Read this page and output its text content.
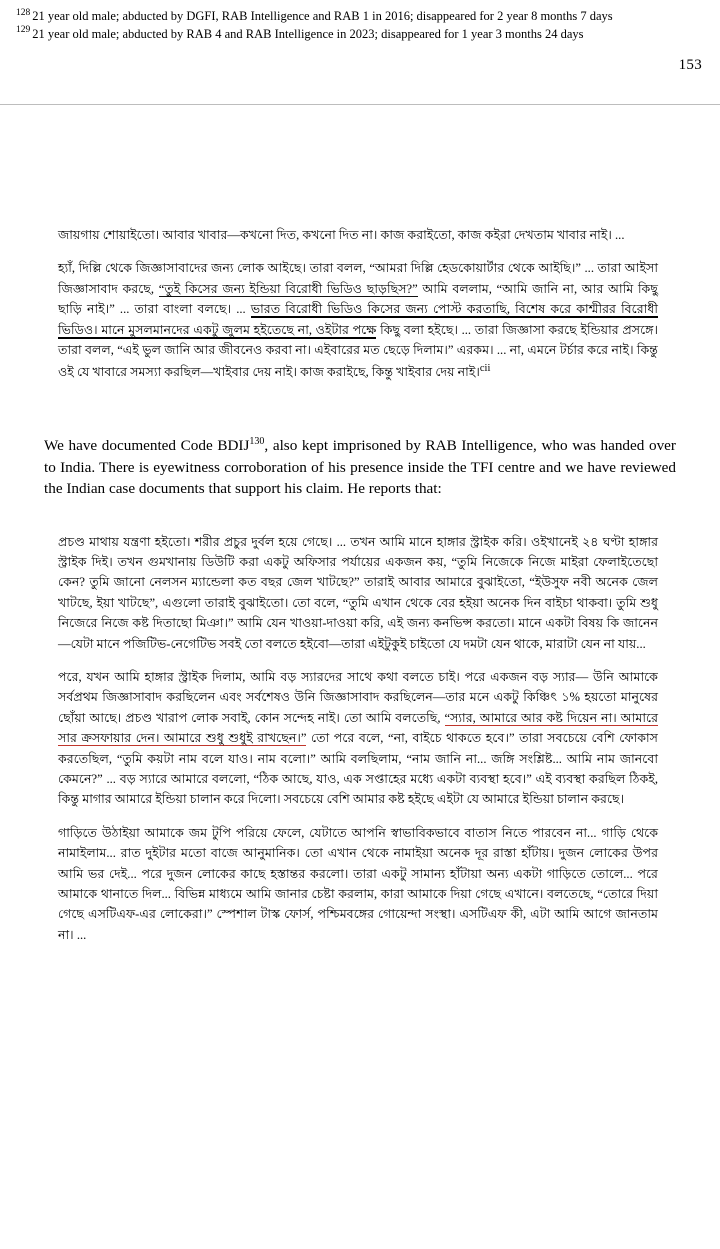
$^{128}$ 21 year old male; abducted by DGFI, RAB Intelligence and RAB 1 in 2016; disappeared for 2 year 8 months 7 days

$^{129}$ 21 year old male; abducted by RAB 4 and RAB Intelligence in 2023; disappeared for 1 year 3 months 24 days

153

জায়গায় শোয়াইতো। আবার খাবার—কখনো দিত, কখনো দিত না। কাজ করাইতো, কাজ কইরা দেখতাম খাবার নাই। ...

হ্যাঁ, দিল্লি থেকে জিজ্ঞাসাবাদের জন্য লোক আইছে। তারা বলল, “আমরা দিল্লি হেডকোয়ার্টার থেকে আইছি।” ... তারা আইসা জিজ্ঞাসাবাদ করছে, “তুই কিসের জন্য ইন্ডিয়া বিরোধী ভিডিও ছাড়ছিস?” আমি বললাম, “আমি জানি না, আর আমি কিছু ছাড়ি নাই।” ... তারা বাংলা বলছে। ... ভারত বিরোধী ভিডিও কিসের জন্য পোস্ট করতাছি, বিশেষ করে কাশ্মীরর বিরোধী ভিডিও। মানে মুসলমানদের একটু জুলম হইতেছে না, ওইটার পক্ষে কিছু বলা হইছে। ... তারা জিজ্ঞাসা করছে ইন্ডিয়ার প্রসঙ্গে। তারা বলল, “এই ভুল জানি আর জীবনেও করবা না। এইবারের মত ছেড়ে দিলাম।” এরকম। ... না, এমনে টর্চার করে নাই। কিন্তু ওই যে খাবারে সমস্যা করছিল—খাইবার দেয় নাই। কাজ করাইছে, কিন্তু খাইবার দেয় নাই।$^{cii}$

We have documented Code BDIJ$^{130}$, also kept imprisoned by RAB Intelligence, who was handed over to India. There is eyewitness corroboration of his presence inside the TFI centre and we have reviewed the Indian case documents that support his claim. He reports that:

প্রচণ্ড মাথায় যন্ত্রণা হইতো। শরীর প্রচুর দুর্বল হয়ে গেছে। ... তখন আমি মানে হাঙ্গার স্ট্রাইক করি। ওইখানেই ২৪ ঘণ্টা হাঙ্গার স্ট্রাইক দিই। তখন গুমখানায় ডিউটি করা একটু অফিসার পর্যায়ের একজন কয়, “তুমি নিজেকে নিজে মাইরা ফেলাইতেছো কেন? তুমি জানো নেলসন ম্যান্ডেলা কত বছর জেল খাটছে?” তারাই আবার আমারে বুঝাইতো, “ইউসুফ নবী অনেক জেল খাটছে, ইয়া খাটছে”, এগুলো তারাই বুঝাইতো। তো বলে, “তুমি এখান থেকে বের হইয়া অনেক দিন বাইচা থাকবা। তুমি শুধু নিজেরে নিজে কষ্ট দিতাছো মিঞা।” আমি যেন খাওয়া-দাওয়া করি, এই জন্য কনভিন্স করতো। মানে একটা বিষয় কি জানেন—যেটা মানে পজিটিভ-নেগেটিভ সবই তো বলতে হইবো—তারা এইটুকুই চাইতো যে দমটা যেন থাকে, মারাটা যেন না যায়...

পরে, যখন আমি হাঙ্গার স্ট্রাইক দিলাম, আমি বড় স্যারদের সাথে কথা বলতে চাই। পরে একজন বড় স্যার— উনি আমাকে সর্বপ্রথম জিজ্ঞাসাবাদ করছিলেন এবং সর্বশেষও উনি জিজ্ঞাসাবাদ করছিলেন—তার মনে একটু কিঞ্চিৎ ১% হয়তো মানুষের ছোঁয়া আছে। প্রচণ্ড খারাপ লোক সবাই, কোন সন্দেহ নাই। তো আমি বলতেছি, “স্যার, আমারে আর কষ্ট দিয়েন না। আমারে সার ক্রসফায়ার দেন। আমারে শুধু শুধুই রাখছেন।” তো পরে বলে, “না, বাইচে থাকতে হবে।” তারা সবচেয়ে বেশি ফোকাস করতেছিল, “তুমি কয়টা নাম বলে যাও। নাম বলো।” আমি বলছিলাম, “নাম জানি না... জঙ্গি সংশ্লিষ্ট... আমি নাম জানবো কেমনে?” ... বড় স্যারে আমারে বললো, “ঠিক আছে, যাও, এক সপ্তাহের মধ্যে একটা ব্যবস্থা হবে।” এই ব্যবস্থা করছিল ঠিকই, কিন্তু মাগার আমারে ইন্ডিয়া চালান করে দিলো। সবচেয়ে বেশি আমার কষ্ট হইছে এইটা যে আমারে ইন্ডিয়া চালান করছে।

গাড়িতে উঠাইয়া আমাকে জম টুপি পরিয়ে ফেলে, যেটাতে আপনি স্বাভাবিকভাবে বাতাস নিতে পারবেন না... গাড়ি থেকে নামাইলাম... রাত দুইটার মতো বাজে আনুমানিক। তো এখান থেকে নামাইয়া অনেক দূর রাস্তা হাঁটায়। দুজন লোকের উপর আমি ভর দেই... পরে দুজন লোকের কাছে হস্তান্তর করলো। তারা একটু সামান্য হাঁটায়া অন্য একটা গাড়িতে তোলে... পরে আমাকে থানাতে দিল... বিভিন্ন মাধ্যমে আমি জানার চেষ্টা করলাম, কারা আমাকে দিয়া গেছে এখানে। বলতেছে, “তোরে দিয়া গেছে এসটিএফ-এর লোকেরা।” স্পেশাল টাস্ক ফোর্স, পশ্চিমবঙ্গের গোয়েন্দা সংস্থা। এসটিএফ কী, এটা আমি আগে জানতাম না। ...
